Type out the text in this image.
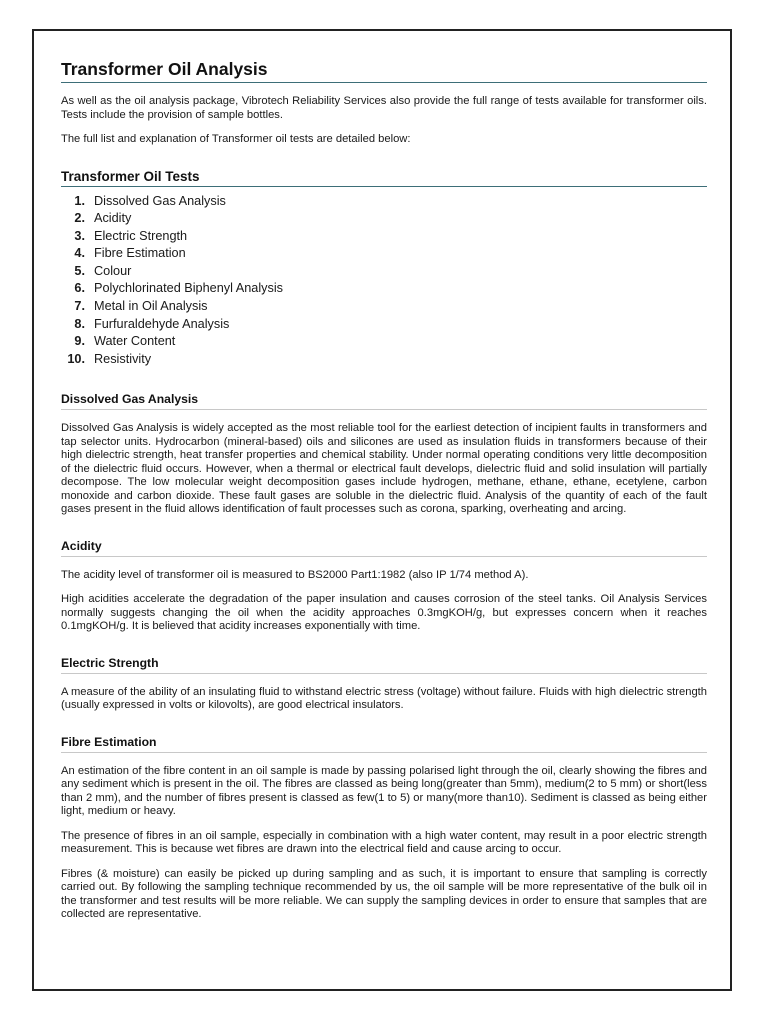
Transformer Oil Analysis

As well as the oil analysis package, Vibrotech Reliability Services also provide the full range of tests available for transformer oils. Tests include the provision of sample bottles.

The full list and explanation of Transformer oil tests are detailed below:

Transformer Oil Tests
1. Dissolved Gas Analysis
2. Acidity
3. Electric Strength
4. Fibre Estimation
5. Colour
6. Polychlorinated Biphenyl Analysis
7. Metal in Oil Analysis
8. Furfuraldehyde Analysis
9. Water Content
10. Resistivity
Dissolved Gas Analysis

Dissolved Gas Analysis is widely accepted as the most reliable tool for the earliest detection of incipient faults in transformers and tap selector units. Hydrocarbon (mineral-based) oils and silicones are used as insulation fluids in transformers because of their high dielectric strength, heat transfer properties and chemical stability. Under normal operating conditions very little decomposition of the dielectric fluid occurs. However, when a thermal or electrical fault develops, dielectric fluid and solid insulation will partially decompose. The low molecular weight decomposition gases include hydrogen, methane, ethane, ethane, ecetylene, carbon monoxide and carbon dioxide. These fault gases are soluble in the dielectric fluid. Analysis of the quantity of each of the fault gases present in the fluid allows identification of fault processes such as corona, sparking, overheating and arcing.

Acidity

The acidity level of transformer oil is measured to BS2000 Part1:1982 (also IP 1/74 method A).

High acidities accelerate the degradation of the paper insulation and causes corrosion of the steel tanks. Oil Analysis Services normally suggests changing the oil when the acidity approaches 0.3mgKOH/g, but expresses concern when it reaches 0.1mgKOH/g. It is believed that acidity increases exponentially with time.

Electric Strength

A measure of the ability of an insulating fluid to withstand electric stress (voltage) without failure. Fluids with high dielectric strength (usually expressed in volts or kilovolts), are good electrical insulators.

Fibre Estimation

An estimation of the fibre content in an oil sample is made by passing polarised light through the oil, clearly showing the fibres and any sediment which is present in the oil. The fibres are classed as being long(greater than 5mm), medium(2 to 5 mm) or short(less than 2 mm), and the number of fibres present is classed as few(1 to 5) or many(more than10). Sediment is classed as being either light, medium or heavy.

The presence of fibres in an oil sample, especially in combination with a high water content, may result in a poor electric strength measurement. This is because wet fibres are drawn into the electrical field and cause arcing to occur.

Fibres (& moisture) can easily be picked up during sampling and as such, it is important to ensure that sampling is correctly carried out. By following the sampling technique recommended by us, the oil sample will be more representative of the bulk oil in the transformer and test results will be more reliable. We can supply the sampling devices in order to ensure that samples that are collected are representative.
